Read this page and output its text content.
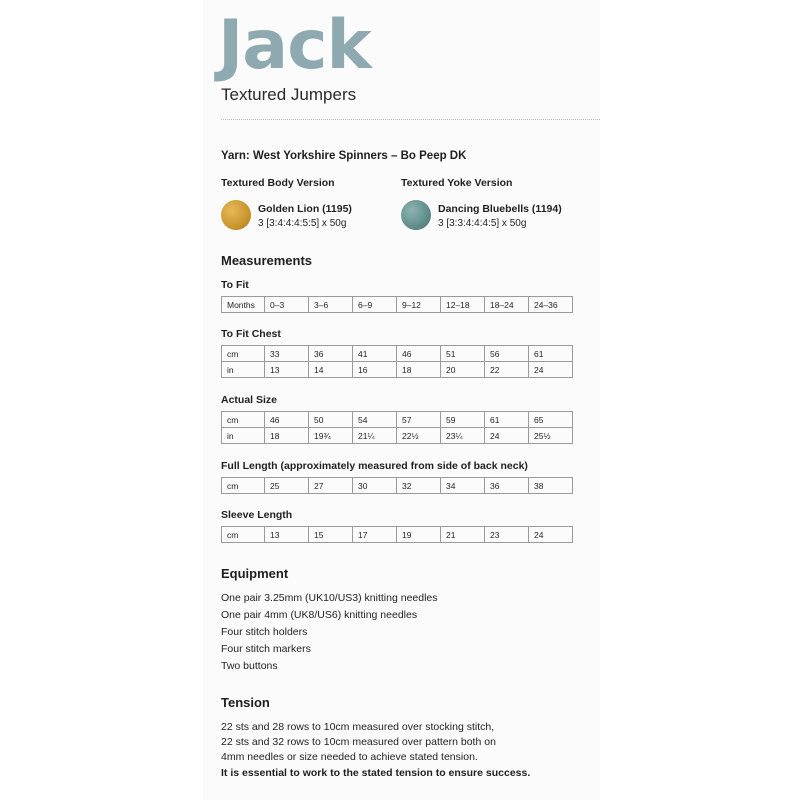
Jack
Textured Jumpers
Yarn: West Yorkshire Spinners – Bo Peep DK
Textured Body Version	Textured Yoke Version
Golden Lion (1195)
3 [3:4:4:4:5:5] x 50g
Dancing Bluebells (1194)
3 [3:3:4:4:4:5] x 50g
Measurements
To Fit
Months	0–3	3–6	6–9	9–12	12–18	18–24	24–36
To Fit Chest
cm	33	36	41	46	51	56	61
in	13	14	16	18	20	22	24
Actual Size
cm	46	50	54	57	59	61	65
in	18	19¾	21¼	22½	23¼	24	25½
Full Length (approximately measured from side of back neck)
cm	25	27	30	32	34	36	38
Sleeve Length
cm	13	15	17	19	21	23	24
Equipment
One pair 3.25mm (UK10/US3) knitting needles
One pair 4mm (UK8/US6) knitting needles
Four stitch holders
Four stitch markers
Two buttons
Tension
22 sts and 28 rows to 10cm measured over stocking stitch,
22 sts and 32 rows to 10cm measured over pattern both on
4mm needles or size needed to achieve stated tension.
It is essential to work to the stated tension to ensure success.
